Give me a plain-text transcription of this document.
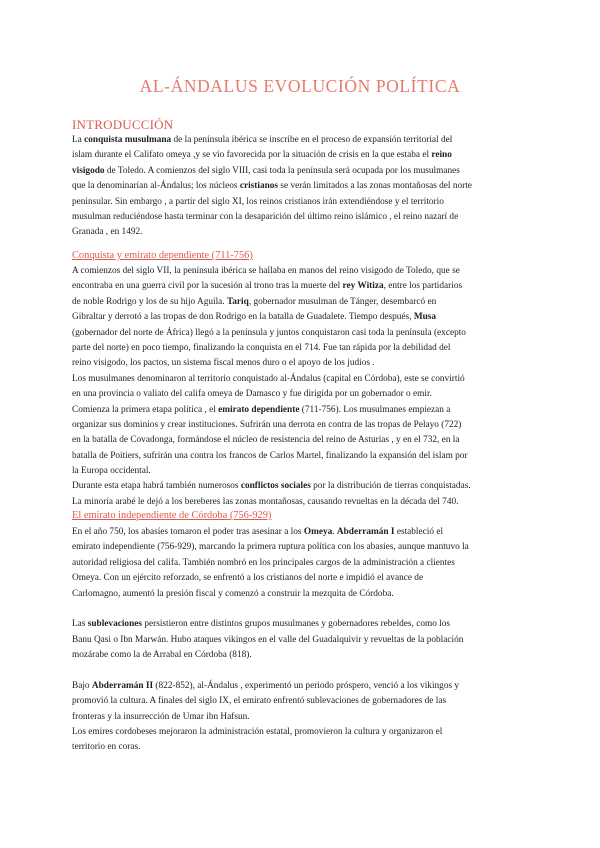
AL-ÁNDALUS EVOLUCIÓN POLÍTICA
INTRODUCCIÓN
La conquista musulmana de la península ibérica se inscribe en el proceso de expansión territorial del
islam durante el Califato omeya ,y se vio favorecida por la situación de crisis en la que estaba el reino
visigodo de Toledo. A comienzos del siglo VIII, casi toda la península será ocupada por los musulmanes
que la denominarían al-Ándalus; los núcleos cristianos se verán limitados a las zonas montañosas del norte
peninsular. Sin embargo , a partir del siglo XI, los reinos cristianos irán extendiéndose y el territorio
musulman reduciéndose hasta terminar con la desaparición del último reino islámico , el reino nazarí de
Granada , en 1492.
Conquista y emirato dependiente (711-756)
A comienzos del siglo VII, la península ibérica se hallaba en manos del reino visigodo de Toledo, que se
encontraba en una guerra civil por la sucesión al trono tras la muerte del rey Witiza, entre los partidarios
de noble Rodrigo y los de su hijo Aguila. Tariq, gobernador musulman de Tánger, desembarcó en
Gibraltar y derrotó a las tropas de don Rodrigo en la batalla de Guadalete. Tiempo después, Musa
(gobernador del norte de África) llegó a la península y juntos conquistaron casi toda la península (excepto
parte del norte) en poco tiempo, finalizando la conquista en el 714. Fue tan rápida por la debilidad del
reino visigodo, los pactos, un sistema fiscal menos duro o el apoyo de los judíos .
Los musulmanes denominaron al territorio conquistado al-Ándalus (capital en Córdoba), este se convirtió
en una provincia o valiato del califa omeya de Damasco y fue dirigida por un gobernador o emir.
Comienza la primera etapa política , el emirato dependiente (711-756). Los musulmanes empiezan a
organizar sus dominios y crear instituciones. Sufrirán una derrota en contra de las tropas de Pelayo (722)
en la batalla de Covadonga, formándose el núcleo de resistencia del reino de Asturias , y en el 732, en la
batalla de Poitiers, sufrirán una contra los francos de Carlos Martel, finalizando la expansión del islam por
la Europa occidental.
Durante esta etapa habrá también numerosos conflictos sociales por la distribución de tierras conquistadas.
La minoría arabé le dejó a los bereberes las zonas montañosas, causando revueltas en la década del 740.
El emirato independiente de Córdoba (756-929)
En el año 750, los abasíes tomaron el poder tras asesinar a los Omeya. Abderramán I estableció el
emirato independiente (756-929), marcando la primera ruptura política con los abasíes, aunque mantuvo la
autoridad religiosa del califa. También nombró en los principales cargos de la administración a clientes
Omeya. Con un ejército reforzado, se enfrentó a los cristianos del norte e impidió el avance de
Carlomagno, aumentó la presión fiscal y comenzó a construir la mezquita de Córdoba.
Las sublevaciones persistieron entre distintos grupos musulmanes y gobernadores rebeldes, como los
Banu Qasi o Ibn Marwán. Hubo ataques vikingos en el valle del Guadalquivir y revueltas de la población
mozárabe como la de Arrabal en Córdoba (818).
Bajo Abderramán II (822-852), al-Ándalus , experimentó un periodo próspero, venció a los vikingos y
promovió la cultura. A finales del siglo IX, el emirato enfrentó sublevaciones de gobernadores de las
fronteras y la insurrección de Umar ibn Hafsun.
Los emires cordobeses mejoraron la administración estatal, promovieron la cultura y organizaron el
territorio en coras.
